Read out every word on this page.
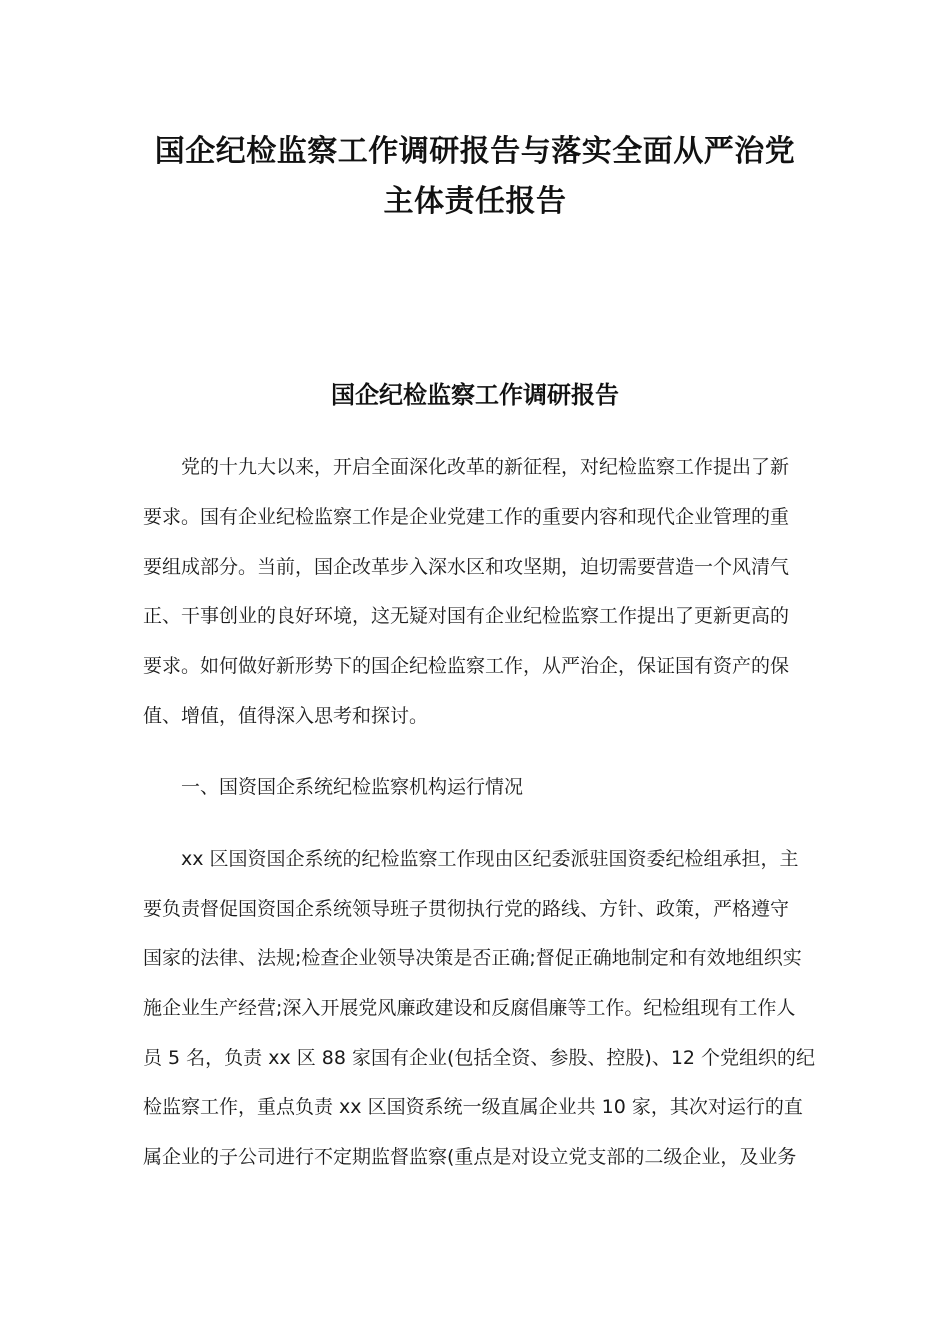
国企纪检监察工作调研报告与落实全面从严治党
主体责任报告
国企纪检监察工作调研报告
党的十九大以来，开启全面深化改革的新征程，对纪检监察工作提出了新
要求。国有企业纪检监察工作是企业党建工作的重要内容和现代企业管理的重
要组成部分。当前，国企改革步入深水区和攻坚期，迫切需要营造一个风清气
正、干事创业的良好环境，这无疑对国有企业纪检监察工作提出了更新更高的
要求。如何做好新形势下的国企纪检监察工作，从严治企，保证国有资产的保
值、增值，值得深入思考和探讨。
一、国资国企系统纪检监察机构运行情况
xx 区国资国企系统的纪检监察工作现由区纪委派驻国资委纪检组承担，主
要负责督促国资国企系统领导班子贯彻执行党的路线、方针、政策，严格遵守
国家的法律、法规;检查企业领导决策是否正确;督促正确地制定和有效地组织实
施企业生产经营;深入开展党风廉政建设和反腐倡廉等工作。纪检组现有工作人
员 5 名，负责 xx 区 88 家国有企业(包括全资、参股、控股)、12 个党组织的纪
检监察工作，重点负责 xx 区国资系统一级直属企业共 10 家，其次对运行的直
属企业的子公司进行不定期监督监察(重点是对设立党支部的二级企业，及业务
